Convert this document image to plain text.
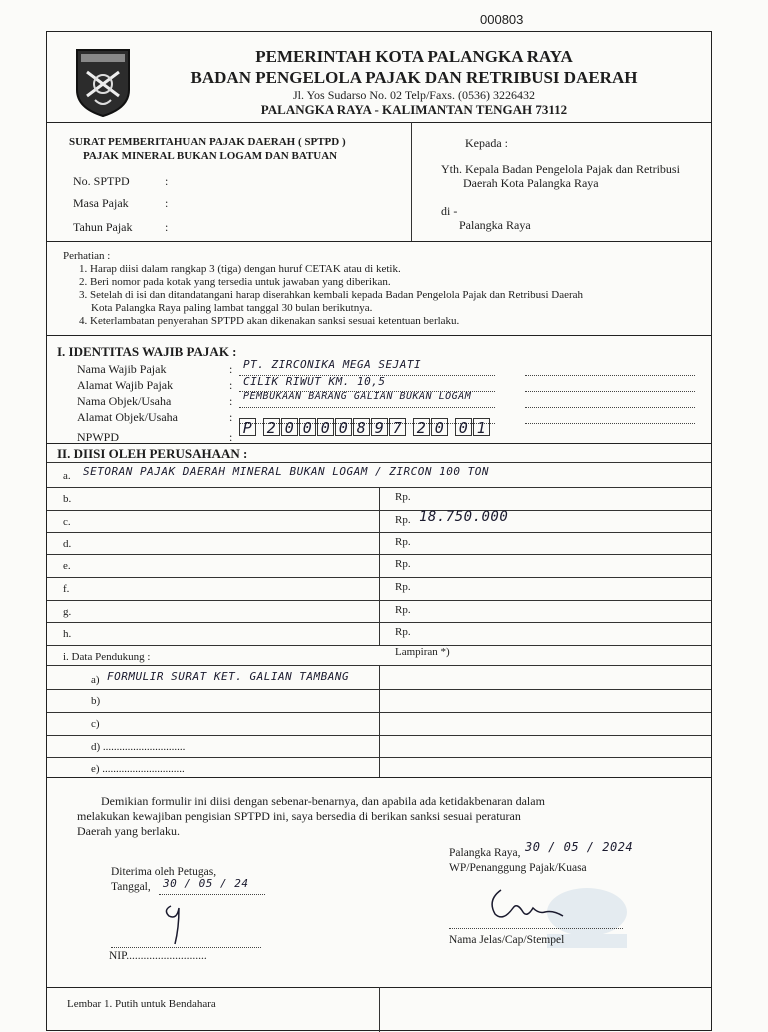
000803
PEMERINTAH KOTA PALANGKA RAYA
BADAN PENGELOLA PAJAK DAN RETRIBUSI DAERAH
Jl. Yos Sudarso No. 02 Telp/Faxs. (0536) 3226432
PALANGKA RAYA - KALIMANTAN TENGAH 73112
SURAT PEMBERITAHUAN PAJAK DAERAH ( SPTPD )
PAJAK MINERAL BUKAN LOGAM DAN BATUAN
No. SPTPD	:
Masa Pajak	:
Tahun Pajak	:
Kepada :
Yth. Kepala Badan Pengelola Pajak dan Retribusi
Daerah Kota Palangka Raya
di -
Palangka Raya
Perhatian :
1. Harap diisi dalam rangkap 3 (tiga) dengan huruf CETAK atau di ketik.
2. Beri nomor pada kotak yang tersedia untuk jawaban yang diberikan.
3. Setelah di isi dan ditandatangani harap diserahkan kembali kepada Badan Pengelola Pajak dan Retribusi Daerah
Kota Palangka Raya paling lambat tanggal 30 bulan berikutnya.
4. Keterlambatan penyerahan SPTPD akan dikenakan sanksi sesuai ketentuan berlaku.
I. IDENTITAS WAJIB PAJAK :
Nama Wajib Pajak	: PT. ZIRCONIKA MEGA SEJATI
Alamat Wajib Pajak	: CILIK RIWUT KM. 10,5
Nama Objek/Usaha	: PEMBUKAAN BARANG GALIAN BUKAN LOGAM
Alamat Objek/Usaha	:
NPWPD	: P 2 0 0 0 0 8 9 7 2 0 0 1
II. DIISI OLEH PERUSAHAAN :
a. SETORAN PAJAK DAERAH MINERAL BUKAN LOGAM / ZIRCON 100 TON
b.	Rp.
c.	Rp. 18.750.000
d.	Rp.
e.	Rp.
f.	Rp.
g.	Rp.
h.	Rp.
i. Data Pendukung :	Lampiran *)
a) FORMULIR SURAT KET. GALIAN TAMBANG
b)
c)
d) ..............................
e) ..............................
Demikian formulir ini diisi dengan sebenar-benarnya, dan apabila ada ketidakbenaran dalam
melakukan kewajiban pengisian SPTPD ini, saya bersedia di berikan sanksi sesuai peraturan
Daerah yang berlaku.
Diterima oleh Petugas,
Tanggal, 30 / 05 / 24
NIP............................
Palangka Raya, 30 / 05 / 2024
WP/Penanggung Pajak/Kuasa
Nama Jelas/Cap/Stempel
Lembar 1. Putih untuk Bendahara
